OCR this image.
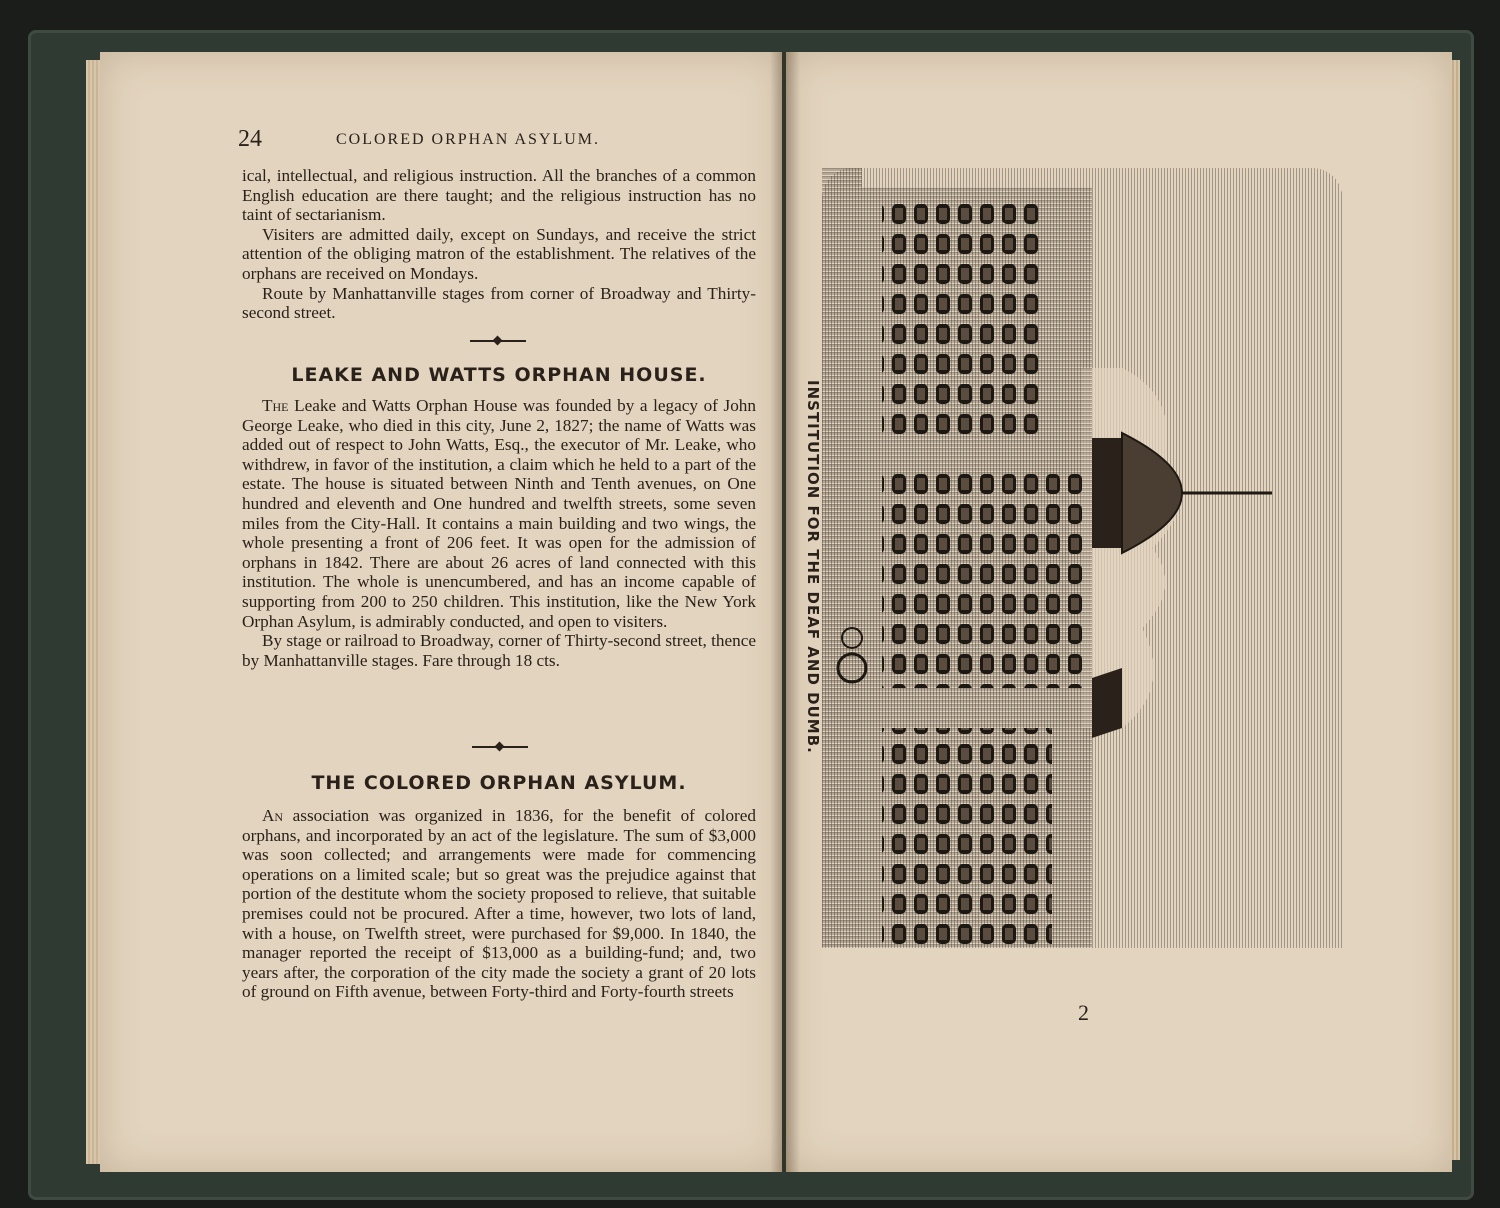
24	COLORED ORPHAN ASYLUM.

ical, intellectual, and religious instruction. All the branches of a common English education are there taught; and the religious instruction has no taint of sectarianism.

Visiters are admitted daily, except on Sundays, and receive the strict attention of the obliging matron of the establishment. The relatives of the orphans are received on Mondays.

Route by Manhattanville stages from corner of Broadway and Thirty-second street.

LEAKE AND WATTS ORPHAN HOUSE.

The Leake and Watts Orphan House was founded by a legacy of John George Leake, who died in this city, June 2, 1827; the name of Watts was added out of respect to John Watts, Esq., the executor of Mr. Leake, who withdrew, in favor of the institution, a claim which he held to a part of the estate. The house is situated between Ninth and Tenth avenues, on One hundred and eleventh and One hundred and twelfth streets, some seven miles from the City-Hall. It contains a main building and two wings, the whole presenting a front of 206 feet. It was open for the admission of orphans in 1842. There are about 26 acres of land connected with this institution. The whole is unencumbered, and has an income capable of supporting from 200 to 250 children. This institution, like the New York Orphan Asylum, is admirably conducted, and open to visiters.

By stage or railroad to Broadway, corner of Thirty-second street, thence by Manhattanville stages. Fare through 18 cts.

THE COLORED ORPHAN ASYLUM.

An association was organized in 1836, for the benefit of colored orphans, and incorporated by an act of the legislature. The sum of $3,000 was soon collected; and arrangements were made for commencing operations on a limited scale; but so great was the prejudice against that portion of the destitute whom the society proposed to relieve, that suitable premises could not be procured. After a time, however, two lots of land, with a house, on Twelfth street, were purchased for $9,000. In 1840, the manager reported the receipt of $13,000 as a building-fund; and, two years after, the corporation of the city made the society a grant of 20 lots of ground on Fifth avenue, between Forty-third and Forty-fourth streets

INSTITUTION FOR THE DEAF AND DUMB.
2
